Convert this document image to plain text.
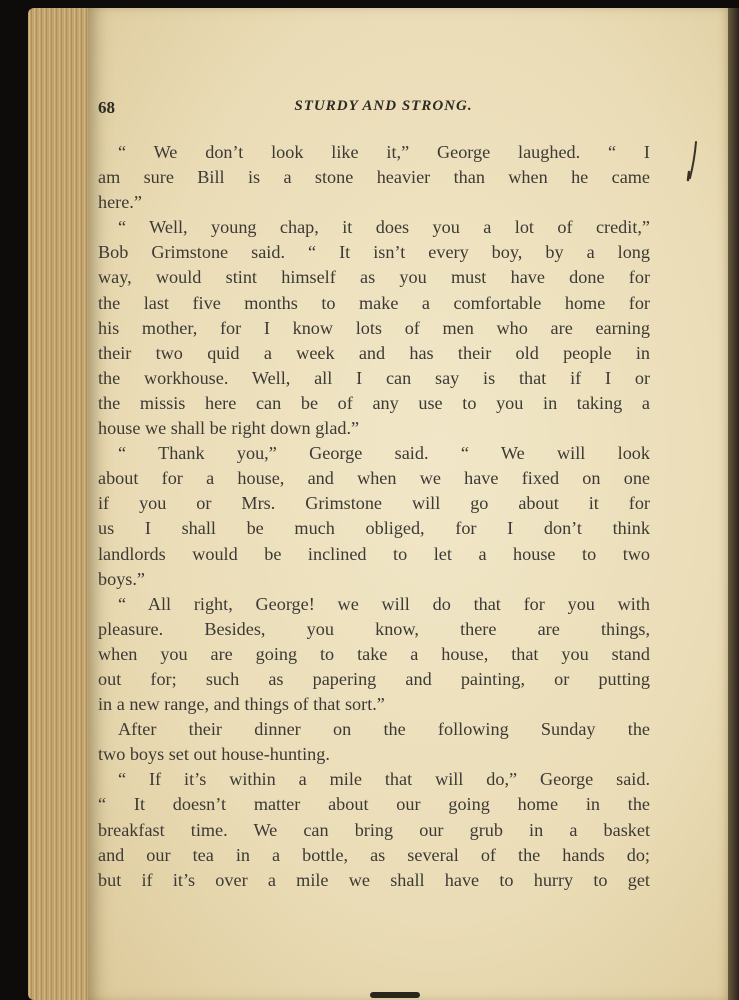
68	STURDY AND STRONG.
“ We don’t look like it,” George laughed. “ I
am sure Bill is a stone heavier than when he came
here.”
“ Well, young chap, it does you a lot of credit,”
Bob Grimstone said. “ It isn’t every boy, by a long
way, would stint himself as you must have done for
the last five months to make a comfortable home for
his mother, for I know lots of men who are earning
their two quid a week and has their old people in
the workhouse. Well, all I can say is that if I or
the missis here can be of any use to you in taking a
house we shall be right down glad.”
“ Thank you,” George said. “ We will look
about for a house, and when we have fixed on one
if you or Mrs. Grimstone will go about it for
us I shall be much obliged, for I don’t think
landlords would be inclined to let a house to two
boys.”
“ All right, George! we will do that for you with
pleasure. Besides, you know, there are things,
when you are going to take a house, that you stand
out for; such as papering and painting, or putting
in a new range, and things of that sort.”
After their dinner on the following Sunday the
two boys set out house-hunting.
“ If it’s within a mile that will do,” George said.
“ It doesn’t matter about our going home in the
breakfast time. We can bring our grub in a basket
and our tea in a bottle, as several of the hands do;
but if it’s over a mile we shall have to hurry to get
